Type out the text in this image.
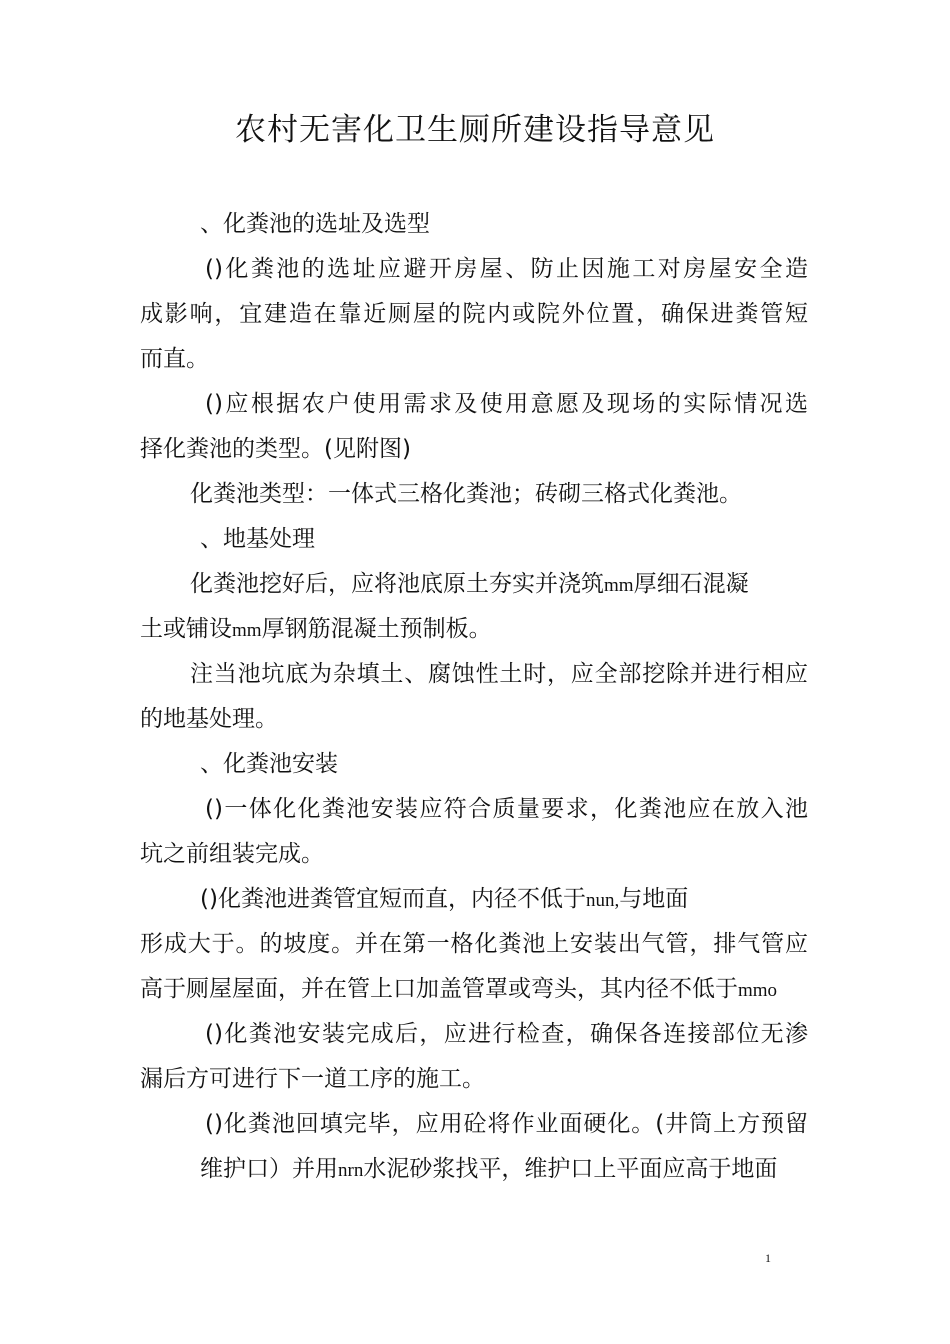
农村无害化卫生厕所建设指导意见

、化粪池的选址及选型

()化粪池的选址应避开房屋、防止因施工对房屋安全造

成影响，宜建造在靠近厕屋的院内或院外位置，确保进粪管短

而直。

()应根据农户使用需求及使用意愿及现场的实际情况选

择化粪池的类型。(见附图)

化粪池类型：一体式三格化粪池；砖砌三格式化粪池。

、地基处理

化粪池挖好后，应将池底原土夯实并浇筑mm厚细石混凝

土或铺设mm厚钢筋混凝土预制板。

注当池坑底为杂填土、腐蚀性土时，应全部挖除并进行相应

的地基处理。

、化粪池安装

()一体化化粪池安装应符合质量要求，化粪池应在放入池

坑之前组装完成。

()化粪池进粪管宜短而直，内径不低于nun,与地面

形成大于。的坡度。并在第一格化粪池上安装出气管，排气管应

高于厕屋屋面，并在管上口加盖管罩或弯头，其内径不低于mmo

()化粪池安装完成后，应进行检查，确保各连接部位无渗

漏后方可进行下一道工序的施工。

()化粪池回填完毕，应用砼将作业面硬化。(井筒上方预留

维护口）并用nrn水泥砂浆找平，维护口上平面应高于地面

1
